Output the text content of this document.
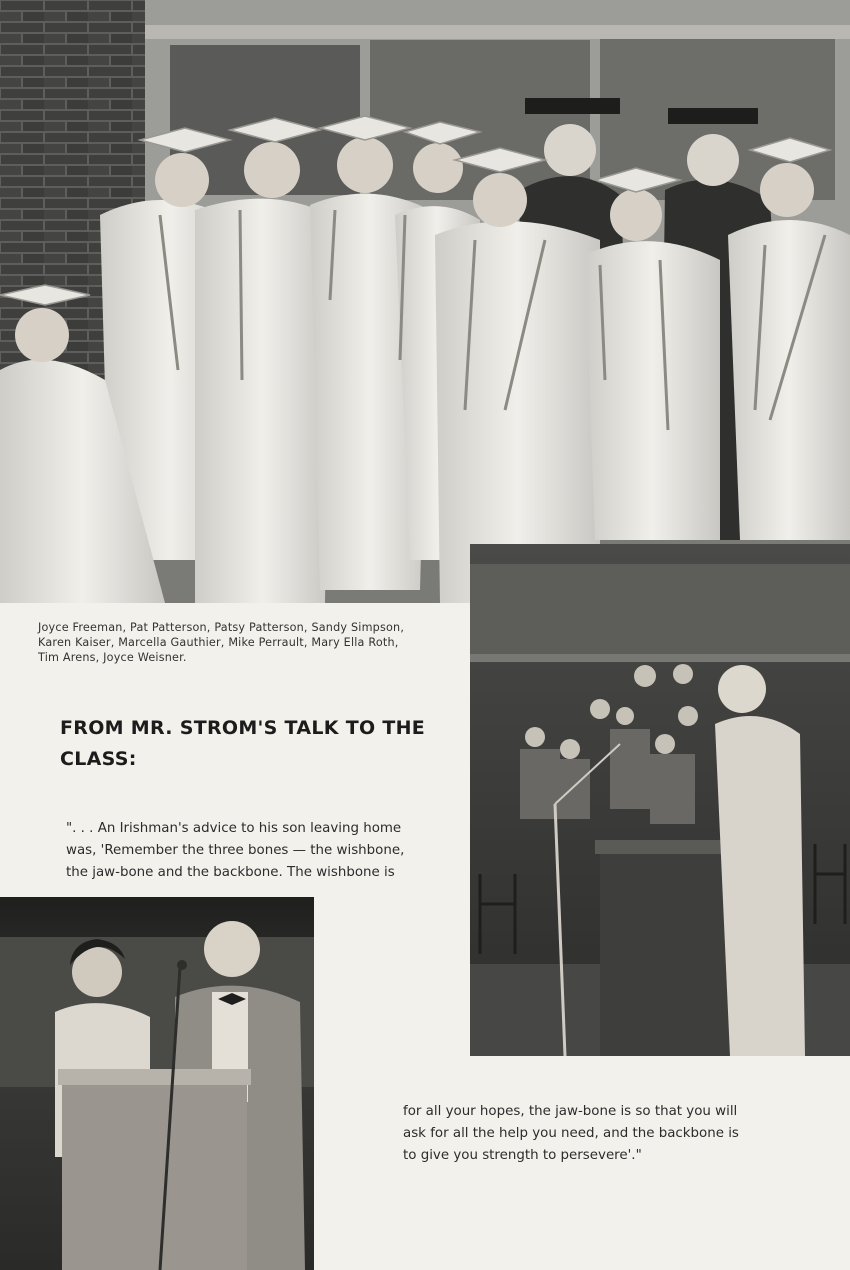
Joyce Freeman, Pat Patterson, Patsy Patterson, Sandy Simpson,
Karen Kaiser, Marcella Gauthier, Mike Perrault, Mary Ella Roth,
Tim Arens, Joyce Weisner.
FROM MR. STROM'S TALK TO THE
CLASS:
". . . An Irishman's advice to his son leaving home
was, 'Remember the three bones — the wishbone,
the jaw-bone and the backbone. The wishbone is
for all your hopes, the jaw-bone is so that you will
ask for all the help you need, and the backbone is
to give you strength to persevere'."
